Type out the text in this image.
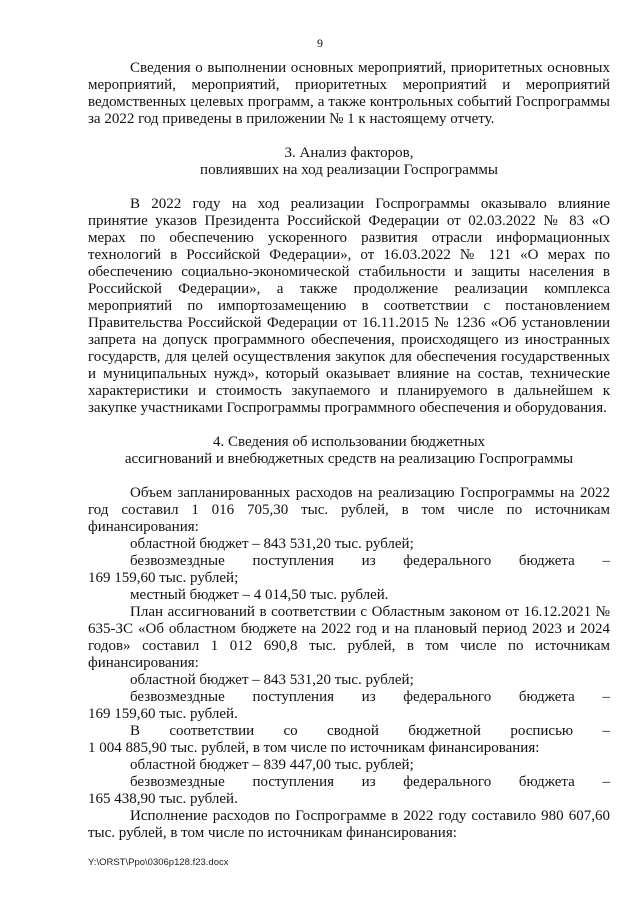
9

Сведения о выполнении основных мероприятий, приоритетных основных мероприятий, мероприятий, приоритетных мероприятий и мероприятий ведомственных целевых программ, а также контрольных событий Госпрограммы за 2022 год приведены в приложении № 1 к настоящему отчету.

3. Анализ факторов,

повлиявших на ход реализации Госпрограммы

В 2022 году на ход реализации Госпрограммы оказывало влияние принятие указов Президента Российской Федерации от 02.03.2022 № 83 «О мерах по обеспечению ускоренного развития отрасли информационных технологий в Российской Федерации», от 16.03.2022 № 121 «О мерах по обеспечению социально-экономической стабильности и защиты населения в Российской Федерации», а также продолжение реализации комплекса мероприятий по импортозамещению в соответствии с постановлением Правительства Российской Федерации от 16.11.2015 № 1236 «Об установлении запрета на допуск программного обеспечения, происходящего из иностранных государств, для целей осуществления закупок для обеспечения государственных и муниципальных нужд», который оказывает влияние на состав, технические характеристики и стоимость закупаемого и планируемого в дальнейшем к закупке участниками Госпрограммы программного обеспечения и оборудования.

4. Сведения об использовании бюджетных

ассигнований и внебюджетных средств на реализацию Госпрограммы

Объем запланированных расходов на реализацию Госпрограммы на 2022 год составил 1 016 705,30 тыс. рублей, в том числе по источникам финансирования:

областной бюджет – 843 531,20 тыс. рублей;

безвозмездные поступления из федерального бюджета –

169 159,60 тыс. рублей;

местный бюджет – 4 014,50 тыс. рублей.

План ассигнований в соответствии с Областным законом от 16.12.2021 № 635-ЗС «Об областном бюджете на 2022 год и на плановый период 2023 и 2024 годов» составил 1 012 690,8 тыс. рублей, в том числе по источникам финансирования:

областной бюджет – 843 531,20 тыс. рублей;

безвозмездные поступления из федерального бюджета –

169 159,60 тыс. рублей.

В соответствии со сводной бюджетной росписью –

1 004 885,90 тыс. рублей, в том числе по источникам финансирования:

областной бюджет – 839 447,00 тыс. рублей;

безвозмездные поступления из федерального бюджета –

165 438,90 тыс. рублей.

Исполнение расходов по Госпрограмме в 2022 году составило 980 607,60 тыс. рублей, в том числе по источникам финансирования:

Y:\ORST\Ppo\0306p128.f23.docx
